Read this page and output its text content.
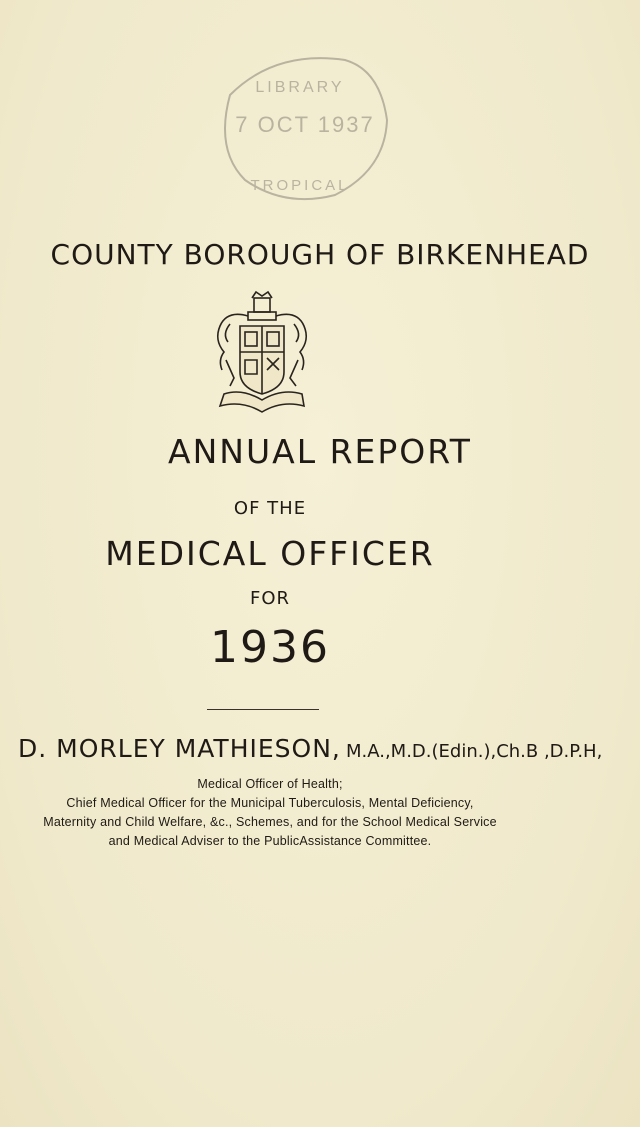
LIBRARY
7 OCT 1937
TROPICAL
COUNTY BOROUGH OF BIRKENHEAD
ANNUAL REPORT
OF THE
MEDICAL OFFICER
FOR
1936
D. MORLEY MATHIESON, M.A.,M.D.(Edin.),Ch.B ,D.P.H,
Medical Officer of Health;
Chief Medical Officer for the Municipal Tuberculosis, Mental Deficiency,
Maternity and Child Welfare, &c., Schemes, and for the School Medical Service
and Medical Adviser to the PublicAssistance Committee.
